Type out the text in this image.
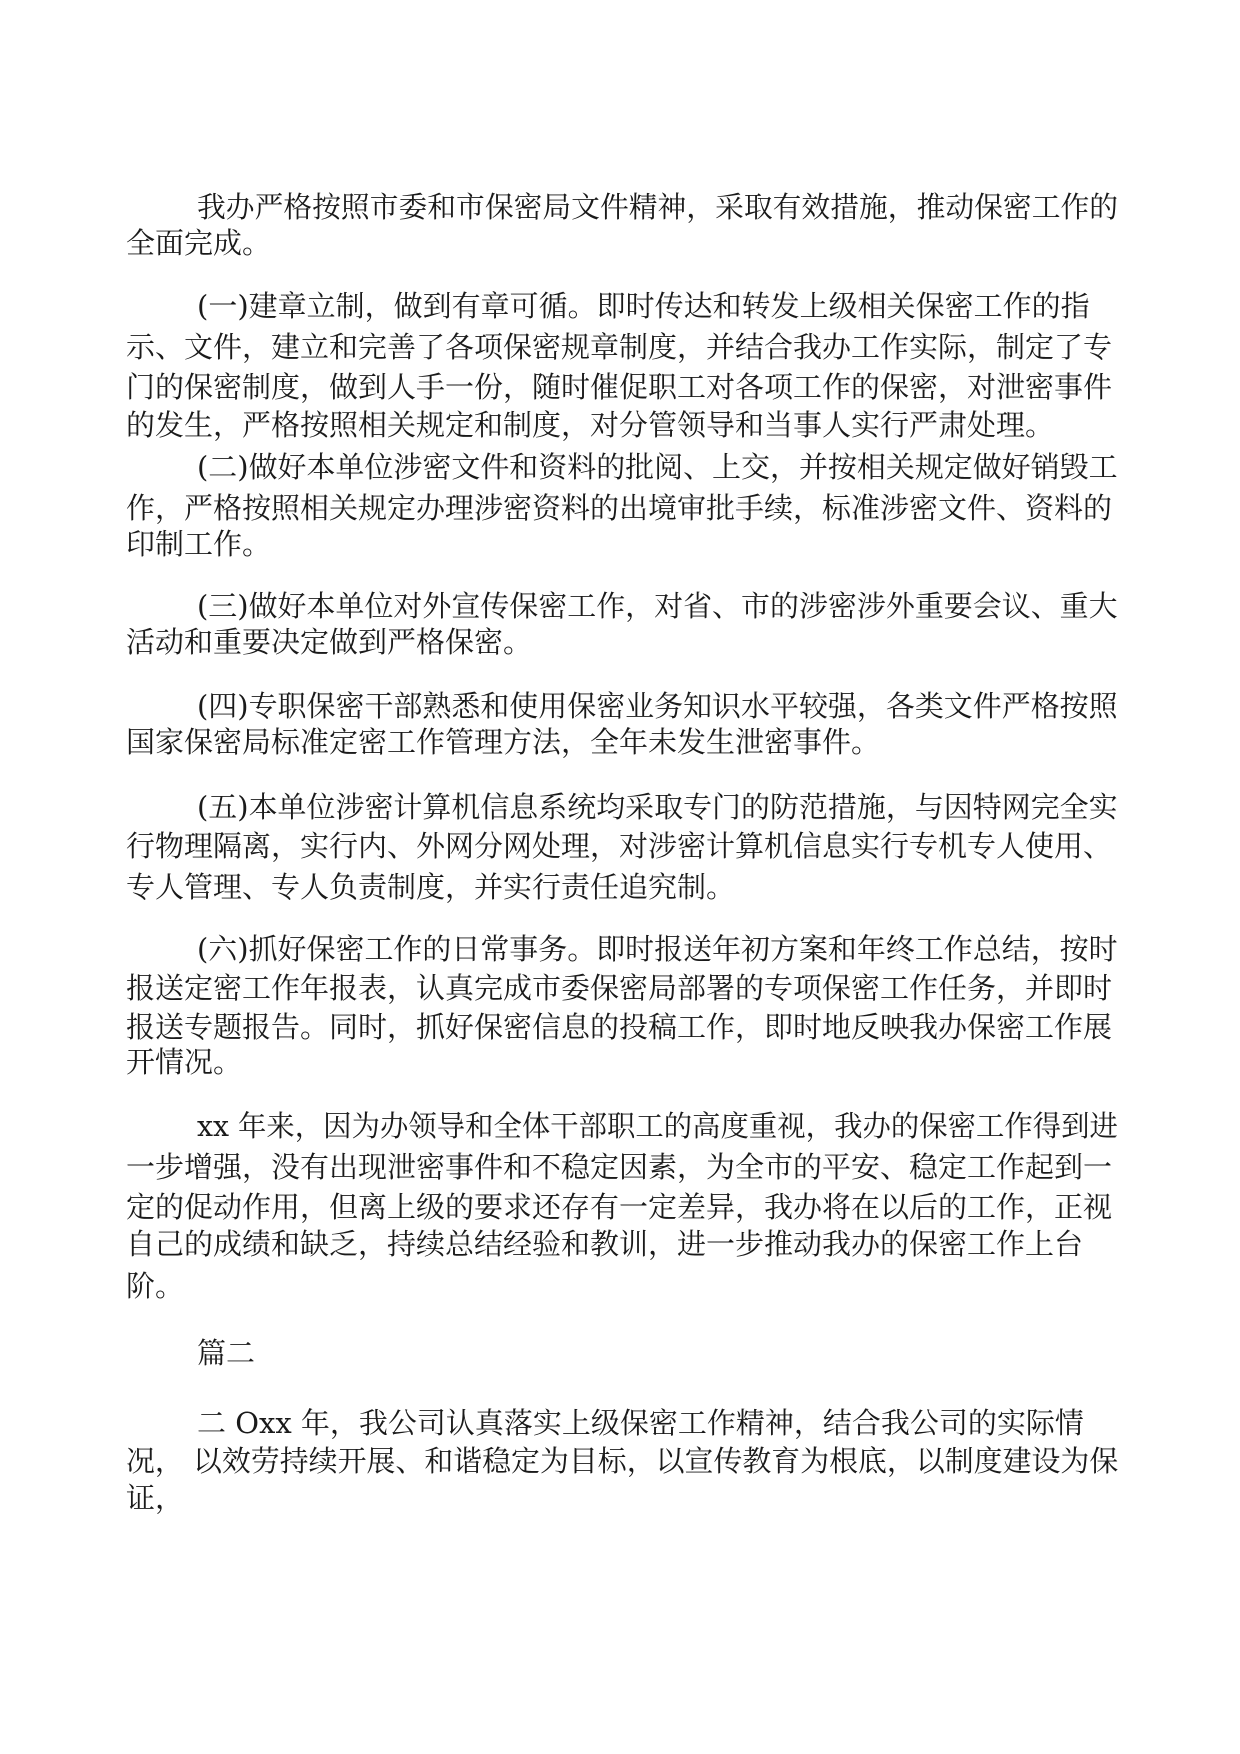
我办严格按照市委和市保密局文件精神，采取有效措施，推动保密工作的

全面完成。

(一)建章立制，做到有章可循。即时传达和转发上级相关保密工作的指

示、文件，建立和完善了各项保密规章制度，并结合我办工作实际，制定了专

门的保密制度，做到人手一份，随时催促职工对各项工作的保密，对泄密事件

的发生，严格按照相关规定和制度，对分管领导和当事人实行严肃处理。

(二)做好本单位涉密文件和资料的批阅、上交，并按相关规定做好销毁工

作，严格按照相关规定办理涉密资料的出境审批手续，标准涉密文件、资料的

印制工作。

(三)做好本单位对外宣传保密工作，对省、市的涉密涉外重要会议、重大

活动和重要决定做到严格保密。

(四)专职保密干部熟悉和使用保密业务知识水平较强，各类文件严格按照

国家保密局标准定密工作管理方法，全年未发生泄密事件。

(五)本单位涉密计算机信息系统均采取专门的防范措施，与因特网完全实

行物理隔离，实行内、外网分网处理，对涉密计算机信息实行专机专人使用、

专人管理、专人负责制度，并实行责任追究制。

(六)抓好保密工作的日常事务。即时报送年初方案和年终工作总结，按时

报送定密工作年报表，认真完成市委保密局部署的专项保密工作任务，并即时

报送专题报告。同时，抓好保密信息的投稿工作，即时地反映我办保密工作展

开情况。

xx 年来，因为办领导和全体干部职工的高度重视，我办的保密工作得到进

一步增强，没有出现泄密事件和不稳定因素，为全市的平安、稳定工作起到一

定的促动作用，但离上级的要求还存有一定差异，我办将在以后的工作，正视

自己的成绩和缺乏，持续总结经验和教训，进一步推动我办的保密工作上台

阶。

篇二

二 Oxx 年，我公司认真落实上级保密工作精神，结合我公司的实际情

况， 以效劳持续开展、和谐稳定为目标，以宣传教育为根底，以制度建设为保

证，
